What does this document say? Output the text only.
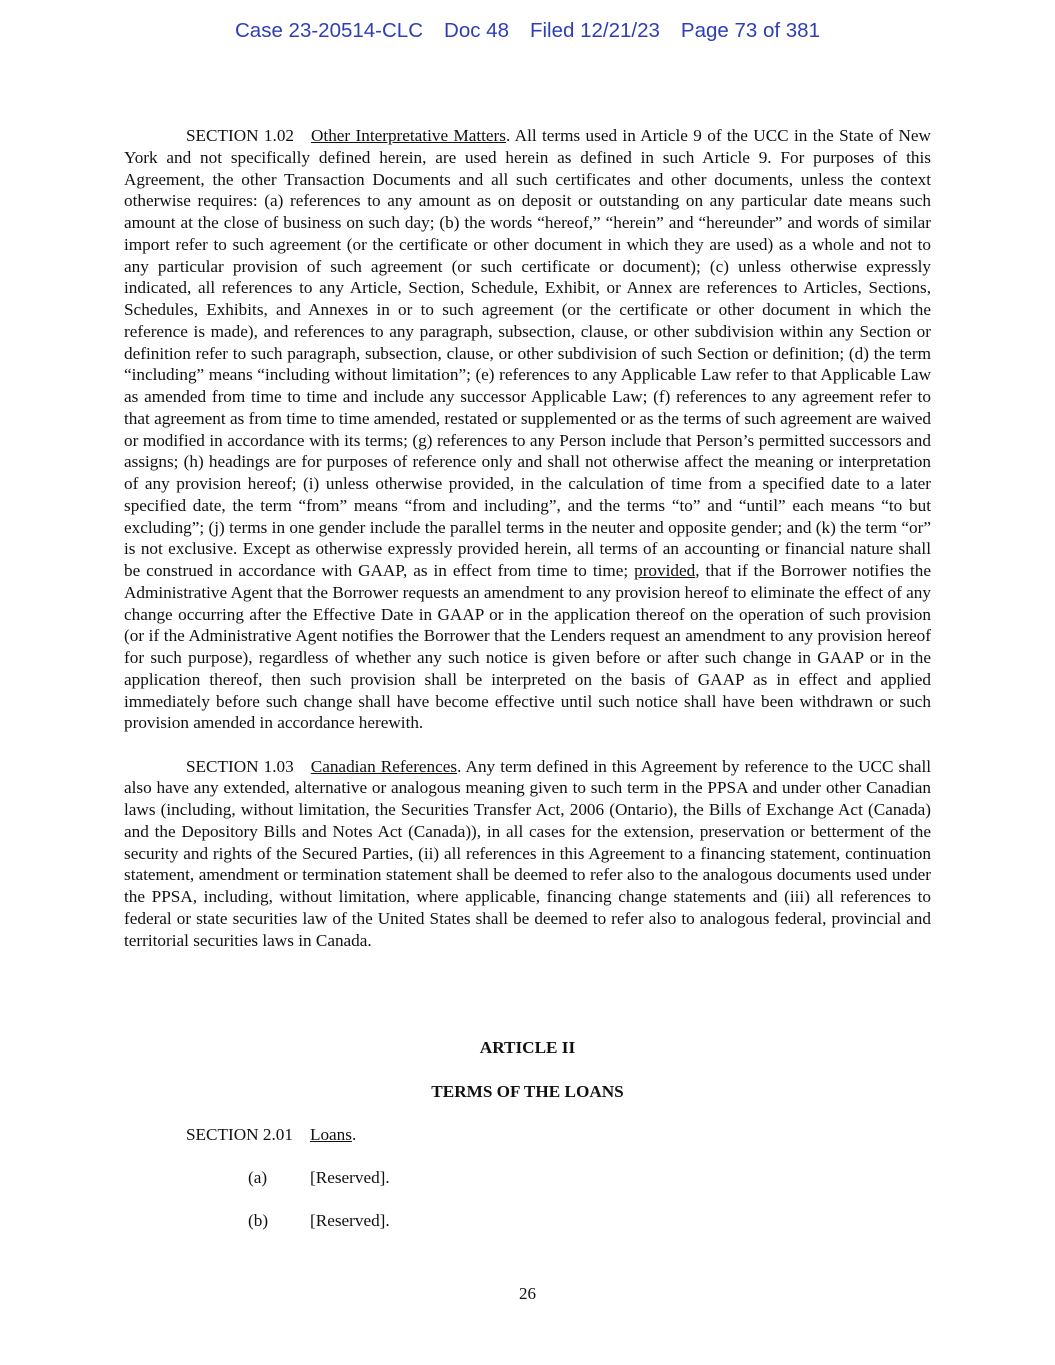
Case 23-20514-CLC Doc 48 Filed 12/21/23 Page 73 of 381

SECTION 1.02 Other Interpretative Matters. All terms used in Article 9 of the UCC in the State of New York and not specifically defined herein, are used herein as defined in such Article 9. For purposes of this Agreement, the other Transaction Documents and all such certificates and other documents, unless the context otherwise requires: (a) references to any amount as on deposit or outstanding on any particular date means such amount at the close of business on such day; (b) the words “hereof,” “herein” and “hereunder” and words of similar import refer to such agreement (or the certificate or other document in which they are used) as a whole and not to any particular provision of such agreement (or such certificate or document); (c) unless otherwise expressly indicated, all references to any Article, Section, Schedule, Exhibit, or Annex are references to Articles, Sections, Schedules, Exhibits, and Annexes in or to such agreement (or the certificate or other document in which the reference is made), and references to any paragraph, subsection, clause, or other subdivision within any Section or definition refer to such paragraph, subsection, clause, or other subdivision of such Section or definition; (d) the term “including” means “including without limitation”; (e) references to any Applicable Law refer to that Applicable Law as amended from time to time and include any successor Applicable Law; (f) references to any agreement refer to that agreement as from time to time amended, restated or supplemented or as the terms of such agreement are waived or modified in accordance with its terms; (g) references to any Person include that Person’s permitted successors and assigns; (h) headings are for purposes of reference only and shall not otherwise affect the meaning or interpretation of any provision hereof; (i) unless otherwise provided, in the calculation of time from a specified date to a later specified date, the term “from” means “from and including”, and the terms “to” and “until” each means “to but excluding”; (j) terms in one gender include the parallel terms in the neuter and opposite gender; and (k) the term “or” is not exclusive. Except as otherwise expressly provided herein, all terms of an accounting or financial nature shall be construed in accordance with GAAP, as in effect from time to time; provided, that if the Borrower notifies the Administrative Agent that the Borrower requests an amendment to any provision hereof to eliminate the effect of any change occurring after the Effective Date in GAAP or in the application thereof on the operation of such provision (or if the Administrative Agent notifies the Borrower that the Lenders request an amendment to any provision hereof for such purpose), regardless of whether any such notice is given before or after such change in GAAP or in the application thereof, then such provision shall be interpreted on the basis of GAAP as in effect and applied immediately before such change shall have become effective until such notice shall have been withdrawn or such provision amended in accordance herewith.

SECTION 1.03 Canadian References. Any term defined in this Agreement by reference to the UCC shall also have any extended, alternative or analogous meaning given to such term in the PPSA and under other Canadian laws (including, without limitation, the Securities Transfer Act, 2006 (Ontario), the Bills of Exchange Act (Canada) and the Depository Bills and Notes Act (Canada)), in all cases for the extension, preservation or betterment of the security and rights of the Secured Parties, (ii) all references in this Agreement to a financing statement, continuation statement, amendment or termination statement shall be deemed to refer also to the analogous documents used under the PPSA, including, without limitation, where applicable, financing change statements and (iii) all references to federal or state securities law of the United States shall be deemed to refer also to analogous federal, provincial and territorial securities laws in Canada.

ARTICLE II
TERMS OF THE LOANS
SECTION 2.01 Loans.
(a) [Reserved].
(b) [Reserved].
26
